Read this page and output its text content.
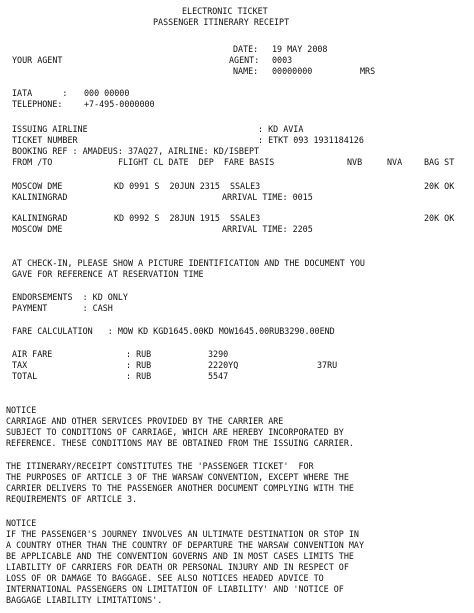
ELECTRONIC TICKET
PASSENGER ITINERARY RECEIPT
DATE: 19 MAY 2008
YOUR AGENT	AGENT: 0003
NAME: 00000000	MRS
IATA      : 000 00000
TELEPHONE:	+7-495-0000000
ISSUING AIRLINE	: KD AVIA
TICKET NUMBER	: ETKT 093 1931184126
BOOKING REF : AMADEUS: 37AQ27, AIRLINE: KD/ISBEPT
FROM /TO	FLIGHT CL DATE  DEP  FARE BASIS	NVB	NVA	BAG ST
MOSCOW DME	KD 0991 S  20JUN 2315  SSALE3	20K OK
KALININGRAD	ARRIVAL TIME: 0015
KALININGRAD	KD 0992 S  28JUN 1915  SSALE3	20K OK
MOSCOW DME	ARRIVAL TIME: 2205
AT CHECK-IN, PLEASE SHOW A PICTURE IDENTIFICATION AND THE DOCUMENT YOU
GAVE FOR REFERENCE AT RESERVATION TIME
ENDORSEMENTS  : KD ONLY
PAYMENT       : CASH
FARE CALCULATION   : MOW KD KGD1645.00KD MOW1645.00RUB3290.00END
AIR FARE	: RUB	3290
TAX	: RUB	2220YQ	37RU
TOTAL	: RUB	5547
NOTICE
CARRIAGE AND OTHER SERVICES PROVIDED BY THE CARRIER ARE
SUBJECT TO CONDITIONS OF CARRIAGE, WHICH ARE HEREBY INCORPORATED BY
REFERENCE. THESE CONDITIONS MAY BE OBTAINED FROM THE ISSUING CARRIER.
THE ITINERARY/RECEIPT CONSTITUTES THE 'PASSENGER TICKET'  FOR
THE PURPOSES OF ARTICLE 3 OF THE WARSAW CONVENTION, EXCEPT WHERE THE
CARRIER DELIVERS TO THE PASSENGER ANOTHER DOCUMENT COMPLYING WITH THE
REQUIREMENTS OF ARTICLE 3.
NOTICE
IF THE PASSENGER'S JOURNEY INVOLVES AN ULTIMATE DESTINATION OR STOP IN
A COUNTRY OTHER THAN THE COUNTRY OF DEPARTURE THE WARSAW CONVENTION MAY
BE APPLICABLE AND THE CONVENTION GOVERNS AND IN MOST CASES LIMITS THE
LIABILITY OF CARRIERS FOR DEATH OR PERSONAL INJURY AND IN RESPECT OF
LOSS OF OR DAMAGE TO BAGGAGE. SEE ALSO NOTICES HEADED ADVICE TO
INTERNATIONAL PASSENGERS ON LIMITATION OF LIABILITY' AND 'NOTICE OF
BAGGAGE LIABILITY LIMITATIONS'.
